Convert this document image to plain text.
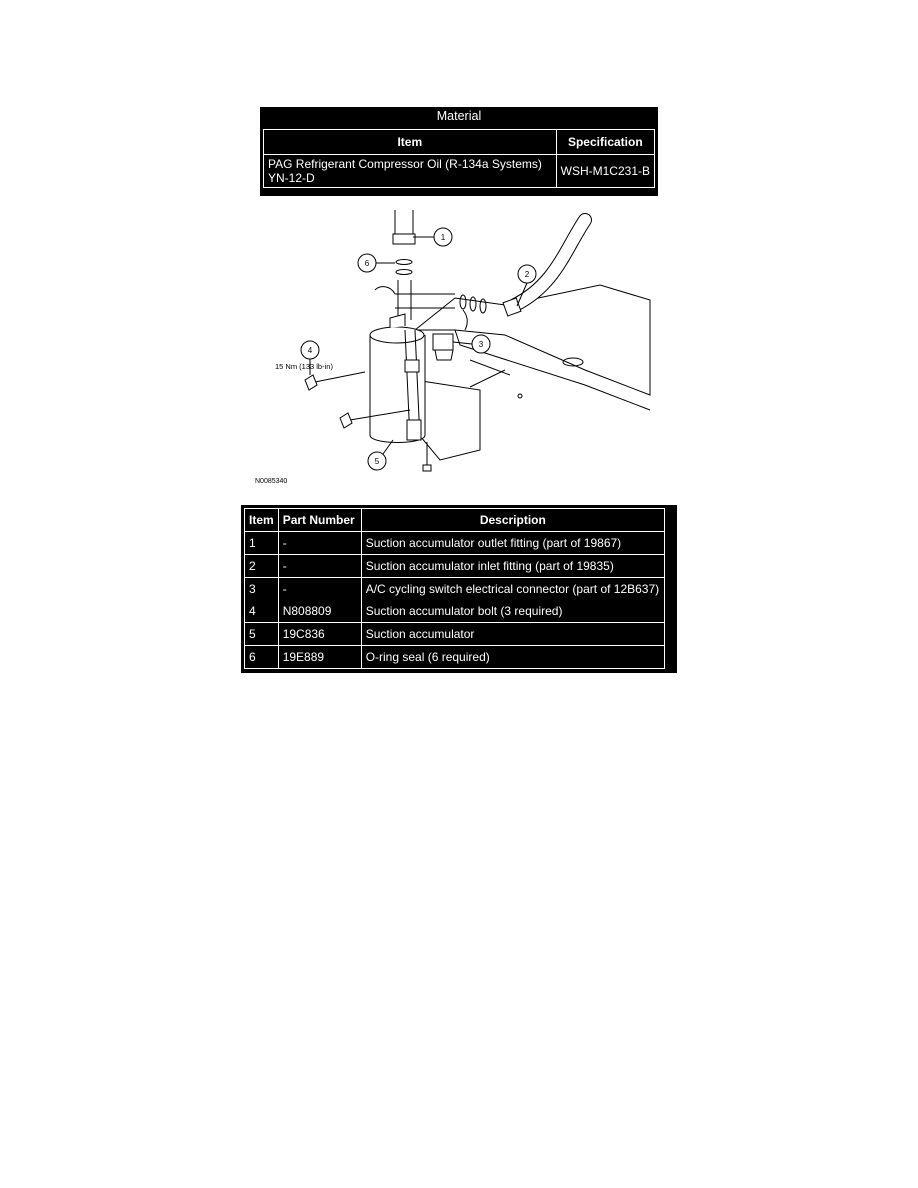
Material
Item	Specification
PAG Refrigerant Compressor Oil (R-134a Systems)
YN-12-D	WSH-M1C231-B
1
2
3
4
5
6
15 Nm (133 lb-in)
N0085340
Item	Part Number	Description
1	-	Suction accumulator outlet fitting (part of 19867)
2	-	Suction accumulator inlet fitting (part of 19835)
3	-	A/C cycling switch electrical connector (part of 12B637)
4	N808809	Suction accumulator bolt (3 required)
5	19C836	Suction accumulator
6	19E889	O-ring seal (6 required)
